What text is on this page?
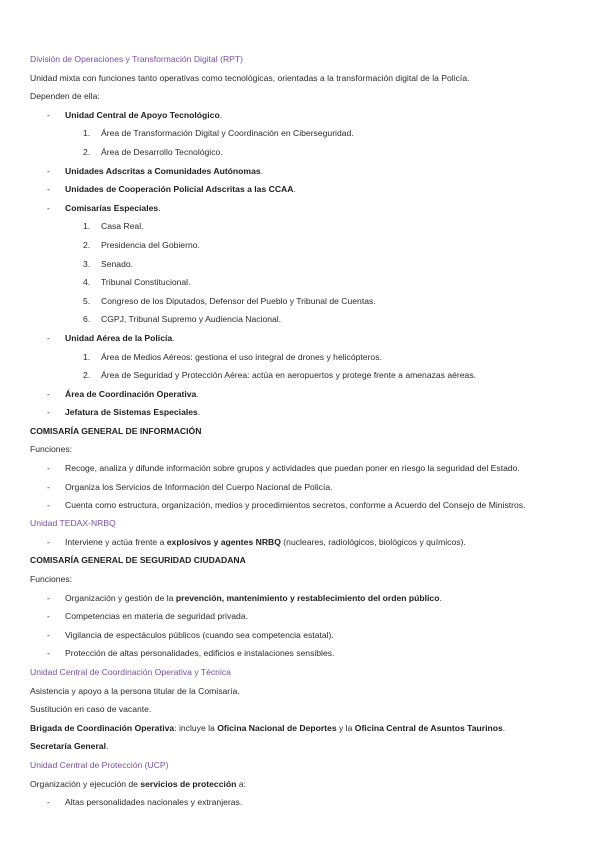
División de Operaciones y Transformación Digital (RPT)
Unidad mixta con funciones tanto operativas como tecnológicas, orientadas a la transformación digital de la Policía.
Dependen de ella:
- Unidad Central de Apoyo Tecnológico.
1. Área de Transformación Digital y Coordinación en Ciberseguridad.
2. Área de Desarrollo Tecnológico.
- Unidades Adscritas a Comunidades Autónomas.
- Unidades de Cooperación Policial Adscritas a las CCAA.
- Comisarías Especiales.
1. Casa Real.
2. Presidencia del Gobierno.
3. Senado.
4. Tribunal Constitucional.
5. Congreso de los Diputados, Defensor del Pueblo y Tribunal de Cuentas.
6. CGPJ, Tribunal Supremo y Audiencia Nacional.
- Unidad Aérea de la Policía.
1. Área de Medios Aéreos: gestiona el uso integral de drones y helicópteros.
2. Área de Seguridad y Protección Aérea: actúa en aeropuertos y protege frente a amenazas aéreas.
- Área de Coordinación Operativa.
- Jefatura de Sistemas Especiales.
COMISARÍA GENERAL DE INFORMACIÓN
Funciones:
- Recoge, analiza y difunde información sobre grupos y actividades que puedan poner en riesgo la seguridad del Estado.
- Organiza los Servicios de Información del Cuerpo Nacional de Policía.
- Cuenta como estructura, organización, medios y procedimientos secretos, conforme a Acuerdo del Consejo de Ministros.
Unidad TEDAX-NRBQ
- Interviene y actúa frente a explosivos y agentes NRBQ (nucleares, radiológicos, biológicos y químicos).
COMISARÍA GENERAL DE SEGURIDAD CIUDADANA
Funciones:
- Organización y gestión de la prevención, mantenimiento y restablecimiento del orden público.
- Competencias en materia de seguridad privada.
- Vigilancia de espectáculos públicos (cuando sea competencia estatal).
- Protección de altas personalidades, edificios e instalaciones sensibles.
Unidad Central de Coordinación Operativa y Técnica
Asistencia y apoyo a la persona titular de la Comisaría.
Sustitución en caso de vacante.
Brigada de Coordinación Operativa: incluye la Oficina Nacional de Deportes y la Oficina Central de Asuntos Taurinos.
Secretaría General.
Unidad Central de Protección (UCP)
Organización y ejecución de servicios de protección a:
- Altas personalidades nacionales y extranjeras.
